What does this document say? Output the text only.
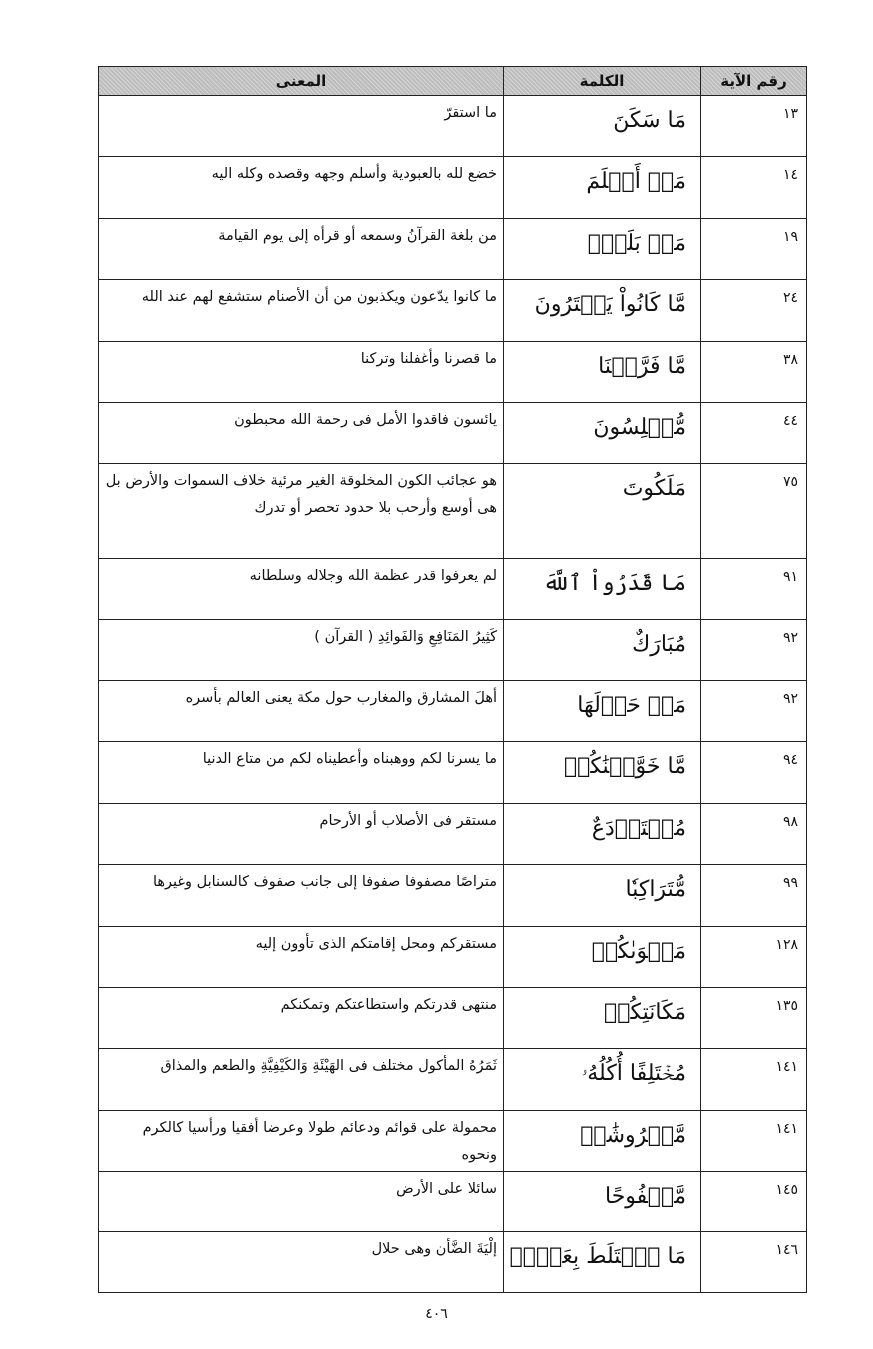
رقم الآية	الكلمة	المعنى
١٣	مَا سَكَنَ	ما استقرّ
١٤	مَنۡ أَسۡلَمَ	خضع لله بالعبودية وأسلم وجهه وقصده وكله اليه
١٩	مَنۢ بَلَغَۚ	من بلغة القرآنُ وسمعه أو قرأه إلى يوم القيامة
٢٤	مَّا كَانُواْ يَفۡتَرُونَ	ما كانوا يدّعون ويكذبون من أن الأصنام ستشفع لهم عند الله
٣٨	مَّا فَرَّطۡنَا	ما قصرنا وأغفلنا وتركنا
٤٤	مُّبۡلِسُونَ	يائسون فاقدوا الأمل فى رحمة الله محبطون
٧٥	مَلَكُوتَ	هو عجائب الكون المخلوقة الغير مرئية خلاف السموات والأرض بل هى أوسع وأرحب بلا حدود تحصر أو تدرك
٩١	مَا قَدَرُواْ ٱللَّهَ	لم يعرفوا قدر عظمة الله وجلاله وسلطانه
٩٢	مُبَارَكٌ	كَثِيرُ المَنَافِعِ وَالفَوائِدِ ( القرآن )
٩٢	مَنۡ حَوۡلَهَا	أهلَ المشارق والمغارب حول مكة يعنى العالم بأسره
٩٤	مَّا خَوَّلۡنَٰكُمۡ	ما يسرنا لكم ووهبناه وأعطيناه لكم من متاع الدنيا
٩٨	مُسۡتَوۡدَعٌ	مستقر فى الأصلاب أو الأرحام
٩٩	مُّتَرَاكِبٗا	متراصًا مصفوفا صفوفا إلى جانب صفوف كالسنابل وغيرها
١٢٨	مَثۡوَىٰكُمۡ	مستقركم ومحل إقامتكم الذى تأوون إليه
١٣٥	مَكَانَتِكُمۡ	منتهى قدرتكم واستطاعتكم وتمكنكم
١٤١	مُخۡتَلِفًا أُكُلُهُۥ	ثَمَرُهُ المأكول مختلف فى الهَيْئَةِ وَالكَيْفِيَّةِ والطعم والمذاق
١٤١	مَّعۡرُوشَٰتٖ	محمولة على قوائم ودعائم طولا وعرضا أفقيا ورأسيا كالكرم ونحوه
١٤٥	مَّسۡفُوحًا	سائلا على الأرض
١٤٦	مَا ٱخۡتَلَطَ بِعَظۡمٖ	إلْيَةَ الضَّأن وهى حلال
٤٠٦
